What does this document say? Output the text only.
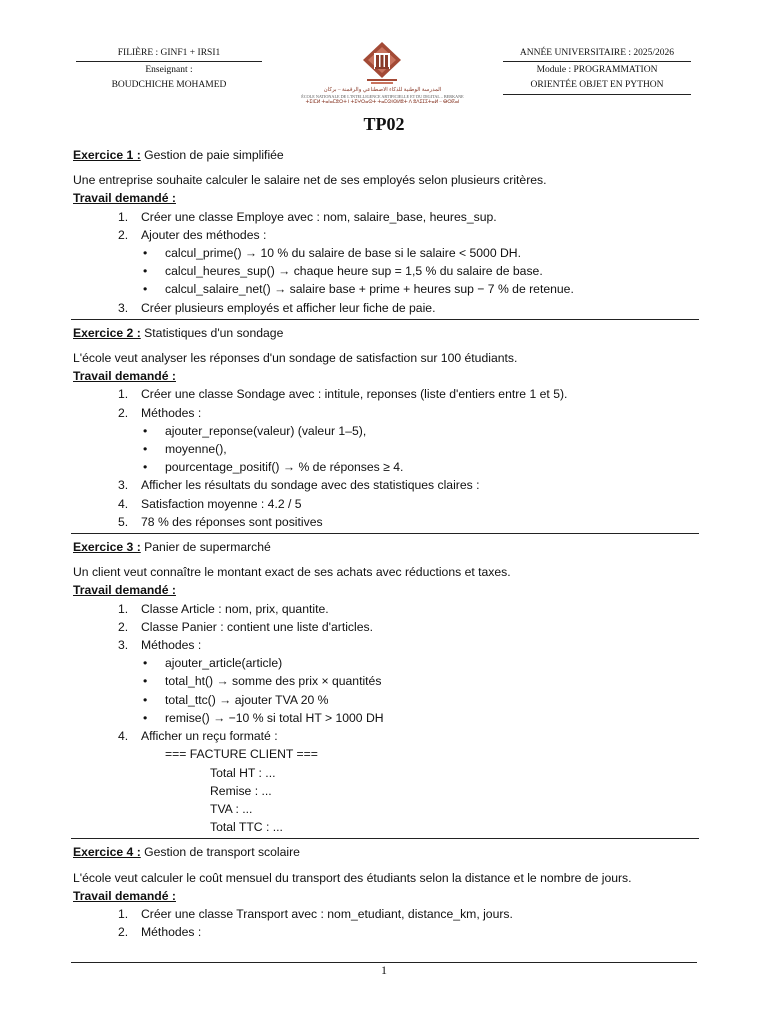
FILIÈRE : GINF1 + IRSI1
Enseignant :
BOUDCHICHE MOHAMED	المدرسة الوطنية للذكاء الاصطناعي والرقمنة – بركان
ÉCOLE NATIONALE DE L'INTELLIGENCE ARTIFICIELLE ET DU DIGITAL – BERKANE
ⵜⵉⵏⵎⵍ ⵜⴰⵏⴰⵎⵓⵔⵜ ⵏ ⵜⵉⵖⵔⴰⵙⵜ ⵜⴰⵎⵙⵏⵙⵍⵓⵜ ⴷ ⵓⴷⵉⵊⵉⵜⴰⵍ – ⴱⵔⴽⴰⵏ
ANNÉE UNIVERSITAIRE : 2025/2026
Module : PROGRAMMATION
ORIENTÉE OBJET EN PYTHON
TP02
Exercice 1 : Gestion de paie simplifiée
Une entreprise souhaite calculer le salaire net de ses employés selon plusieurs critères.
Travail demandé :
1.	Créer une classe Employe avec : nom, salaire_base, heures_sup.
2.	Ajouter des méthodes :
•	calcul_prime() → 10 % du salaire de base si le salaire < 5000 DH.
•	calcul_heures_sup() → chaque heure sup = 1,5 % du salaire de base.
•	calcul_salaire_net() → salaire base + prime + heures sup − 7 % de retenue.
3.	Créer plusieurs employés et afficher leur fiche de paie.
Exercice 2 : Statistiques d'un sondage
L'école veut analyser les réponses d'un sondage de satisfaction sur 100 étudiants.
Travail demandé :
1.	Créer une classe Sondage avec : intitule, reponses (liste d'entiers entre 1 et 5).
2.	Méthodes :
•	ajouter_reponse(valeur) (valeur 1–5),
•	moyenne(),
•	pourcentage_positif() → % de réponses ≥ 4.
3.	Afficher les résultats du sondage avec des statistiques claires :
4.	Satisfaction moyenne : 4.2 / 5
5.	78 % des réponses sont positives
Exercice 3 : Panier de supermarché
Un client veut connaître le montant exact de ses achats avec réductions et taxes.
Travail demandé :
1.	Classe Article : nom, prix, quantite.
2.	Classe Panier : contient une liste d'articles.
3.	Méthodes :
•	ajouter_article(article)
•	total_ht() → somme des prix × quantités
•	total_ttc() → ajouter TVA 20 %
•	remise() → −10 % si total HT > 1000 DH
4.	Afficher un reçu formaté :
=== FACTURE CLIENT ===
Total HT : ...
Remise : ...
TVA : ...
Total TTC : ...
Exercice 4 : Gestion de transport scolaire
L'école veut calculer le coût mensuel du transport des étudiants selon la distance et le nombre de jours.
Travail demandé :
1.	Créer une classe Transport avec : nom_etudiant, distance_km, jours.
2.	Méthodes :
1
